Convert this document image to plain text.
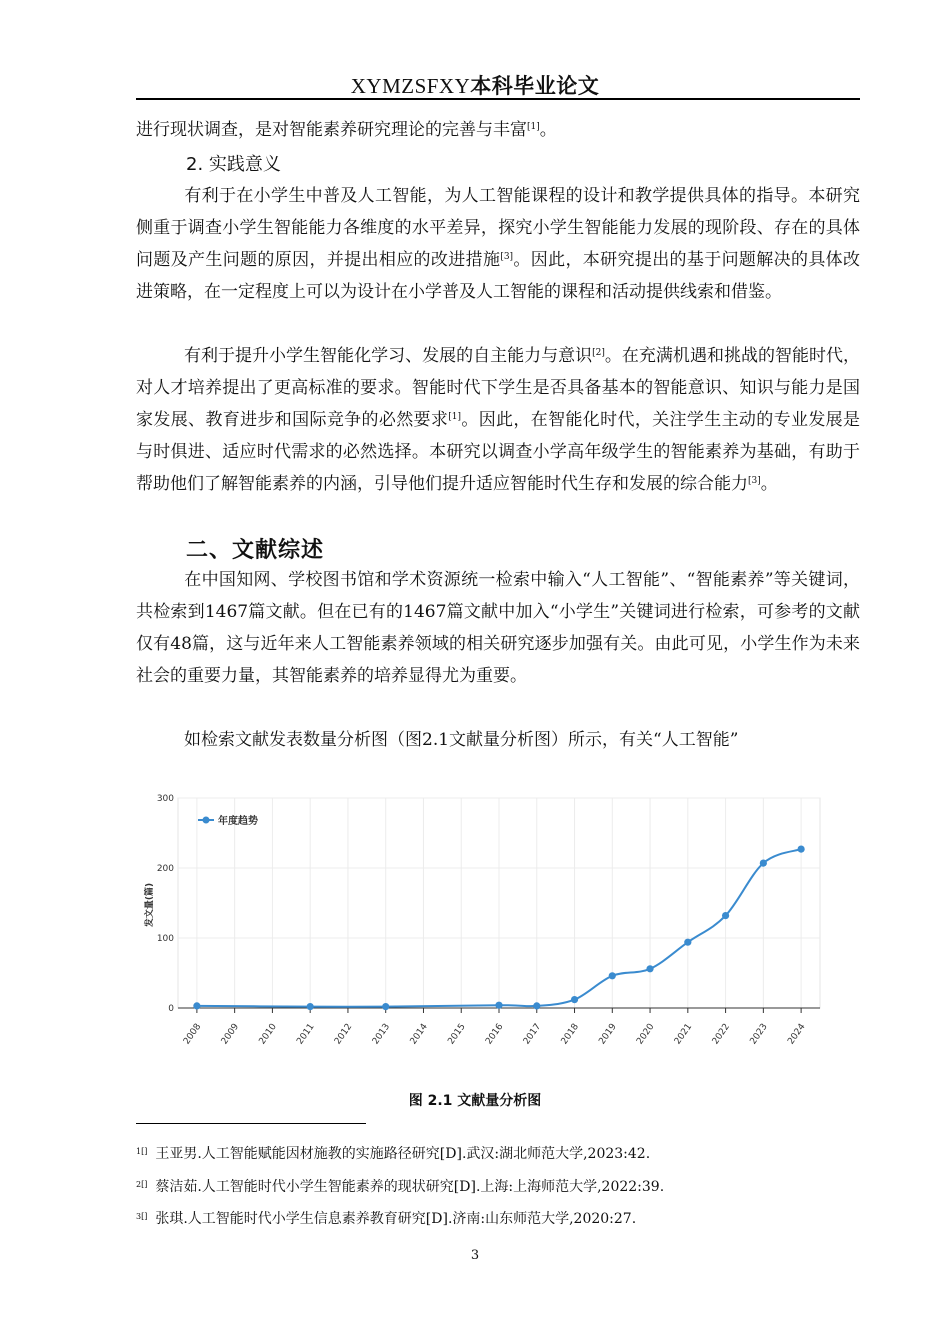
XYMZSFXY本科毕业论文
进行现状调查，是对智能素养研究理论的完善与丰富[1]。
2. 实践意义
有利于在小学生中普及人工智能，为人工智能课程的设计和教学提供具体的指导。本研究侧重于调查小学生智能能力各维度的水平差异，探究小学生智能能力发展的现阶段、存在的具体问题及产生问题的原因，并提出相应的改进措施[3]。因此，本研究提出的基于问题解决的具体改进策略，在一定程度上可以为设计在小学普及人工智能的课程和活动提供线索和借鉴。
有利于提升小学生智能化学习、发展的自主能力与意识[2]。在充满机遇和挑战的智能时代，对人才培养提出了更高标准的要求。智能时代下学生是否具备基本的智能意识、知识与能力是国家发展、教育进步和国际竞争的必然要求[1]。因此，在智能化时代，关注学生主动的专业发展是与时俱进、适应时代需求的必然选择。本研究以调查小学高年级学生的智能素养为基础，有助于帮助他们了解智能素养的内涵，引导他们提升适应智能时代生存和发展的综合能力[3]。
二、文献综述
在中国知网、学校图书馆和学术资源统一检索中输入“人工智能”、“智能素养”等关键词，共检索到1467篇文献。但在已有的1467篇文献中加入“小学生”关键词进行检索，可参考的文献仅有48篇，这与近年来人工智能素养领域的相关研究逐步加强有关。由此可见，小学生作为未来社会的重要力量，其智能素养的培养显得尤为重要。
如检索文献发表数量分析图（图2.1文献量分析图）所示，有关“人工智能”
2008 2009 2010 2011 2012 2013 2014 2015 2016 2017 2018 2019 2020 2021 2022 2023 2024
0
100
200
300
发文量(篇)
年度趋势
图 2.1 文献量分析图
$^{1[]}$ 王亚男.人工智能赋能因材施教的实施路径研究[D].武汉:湖北师范大学,2023:42.
$^{2[]}$ 蔡洁茹.人工智能时代小学生智能素养的现状研究[D].上海:上海师范大学,2022:39.
$^{3[]}$ 张琪.人工智能时代小学生信息素养教育研究[D].济南:山东师范大学,2020:27.
3
